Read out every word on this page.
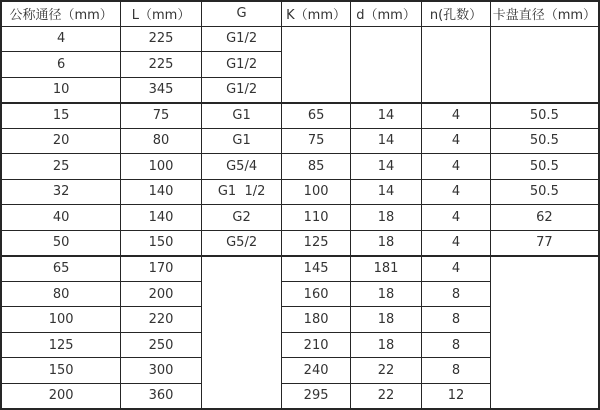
公称通径（mm）	L（mm）	G	K（mm）	d（mm）	n(孔数）	卡盘直径（mm）
4	225	G1/2				
6	225	G1/2				
10	345	G1/2				
15	75	G1	65	14	4	50.5
20	80	G1	75	14	4	50.5
25	100	G5/4	85	14	4	50.5
32	140	G1  1/2	100	14	4	50.5
40	140	G2	110	18	4	62
50	150	G5/2	125	18	4	77
65	170		145	181	4	
80	200		160	18	8	
100	220		180	18	8	
125	250		210	18	8	
150	300		240	22	8	
200	360		295	22	12	
